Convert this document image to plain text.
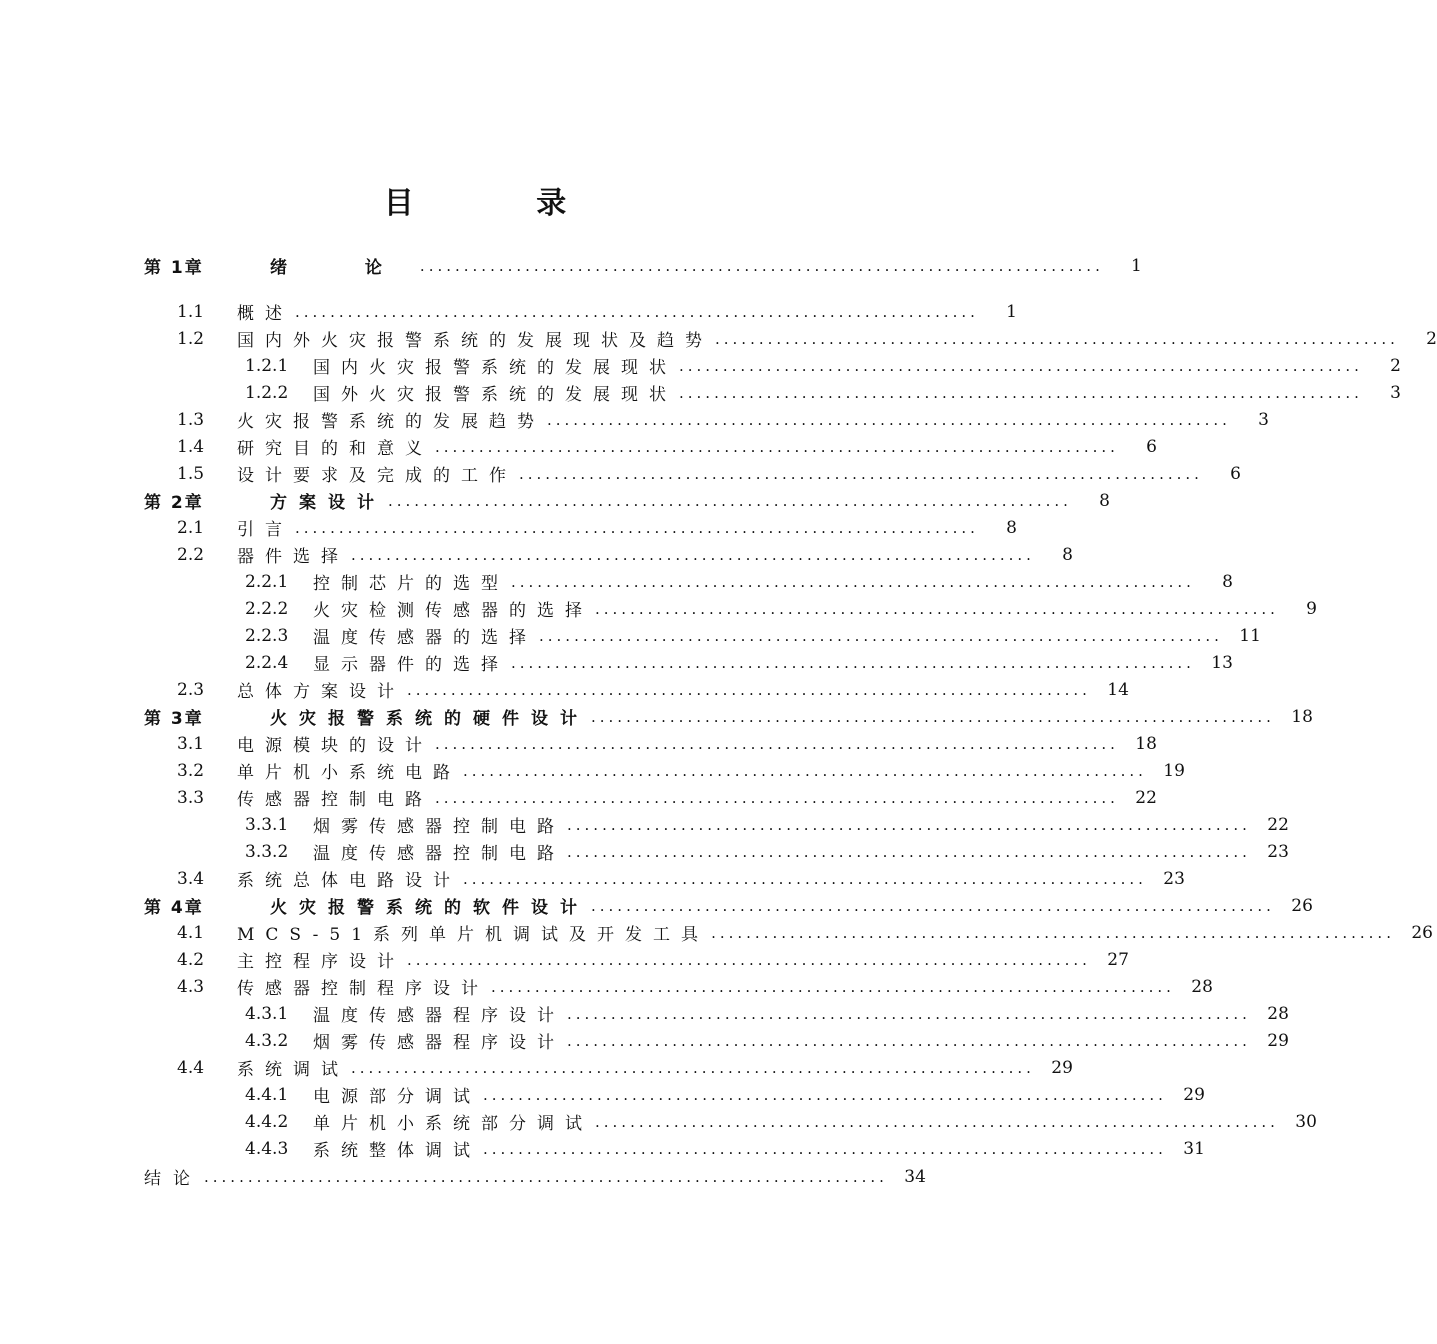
目 录
第 1章	绪 论 ..............................................................................	1
1.1	概述 ..............................................................................	1
1.2	国内外火灾报警系统的发展现状及趋势 ..............................................................................	2
1.2.1	国内火灾报警系统的发展现状 ..............................................................................	2
1.2.2	国外火灾报警系统的发展现状 ..............................................................................	3
1.3	火灾报警系统的发展趋势 ..............................................................................	3
1.4	研究目的和意义 ..............................................................................	6
1.5	设计要求及完成的工作 ..............................................................................	6
第 2章	方案设计 ..............................................................................	8
2.1	引言 ..............................................................................	8
2.2	器件选择 ..............................................................................	8
2.2.1	控制芯片的选型 ..............................................................................	8
2.2.2	火灾检测传感器的选择 ..............................................................................	9
2.2.3	温度传感器的选择 .............................................................................. 11
2.2.4	显示器件的选择 .............................................................................. 13
2.3	总体方案设计 .............................................................................. 14
第 3章	火灾报警系统的硬件设计 .............................................................................. 18
3.1	电源模块的设计 .............................................................................. 18
3.2	单片机小系统电路 .............................................................................. 19
3.3	传感器控制电路 .............................................................................. 22
3.3.1	烟雾传感器控制电路 .............................................................................. 22
3.3.2	温度传感器控制电路 .............................................................................. 23
3.4	系统总体电路设计 .............................................................................. 23
第 4章	火灾报警系统的软件设计 .............................................................................. 26
4.1	MCS-51系列单片机调试及开发工具 .............................................................................. 26
4.2	主控程序设计 .............................................................................. 27
4.3	传感器控制程序设计 .............................................................................. 28
4.3.1	温度传感器程序设计 .............................................................................. 28
4.3.2	烟雾传感器程序设计 .............................................................................. 29
4.4	系统调试 .............................................................................. 29
4.4.1	电源部分调试 .............................................................................. 29
4.4.2	单片机小系统部分调试 .............................................................................. 30
4.4.3	系统整体调试 .............................................................................. 31
结论 .............................................................................. 34
